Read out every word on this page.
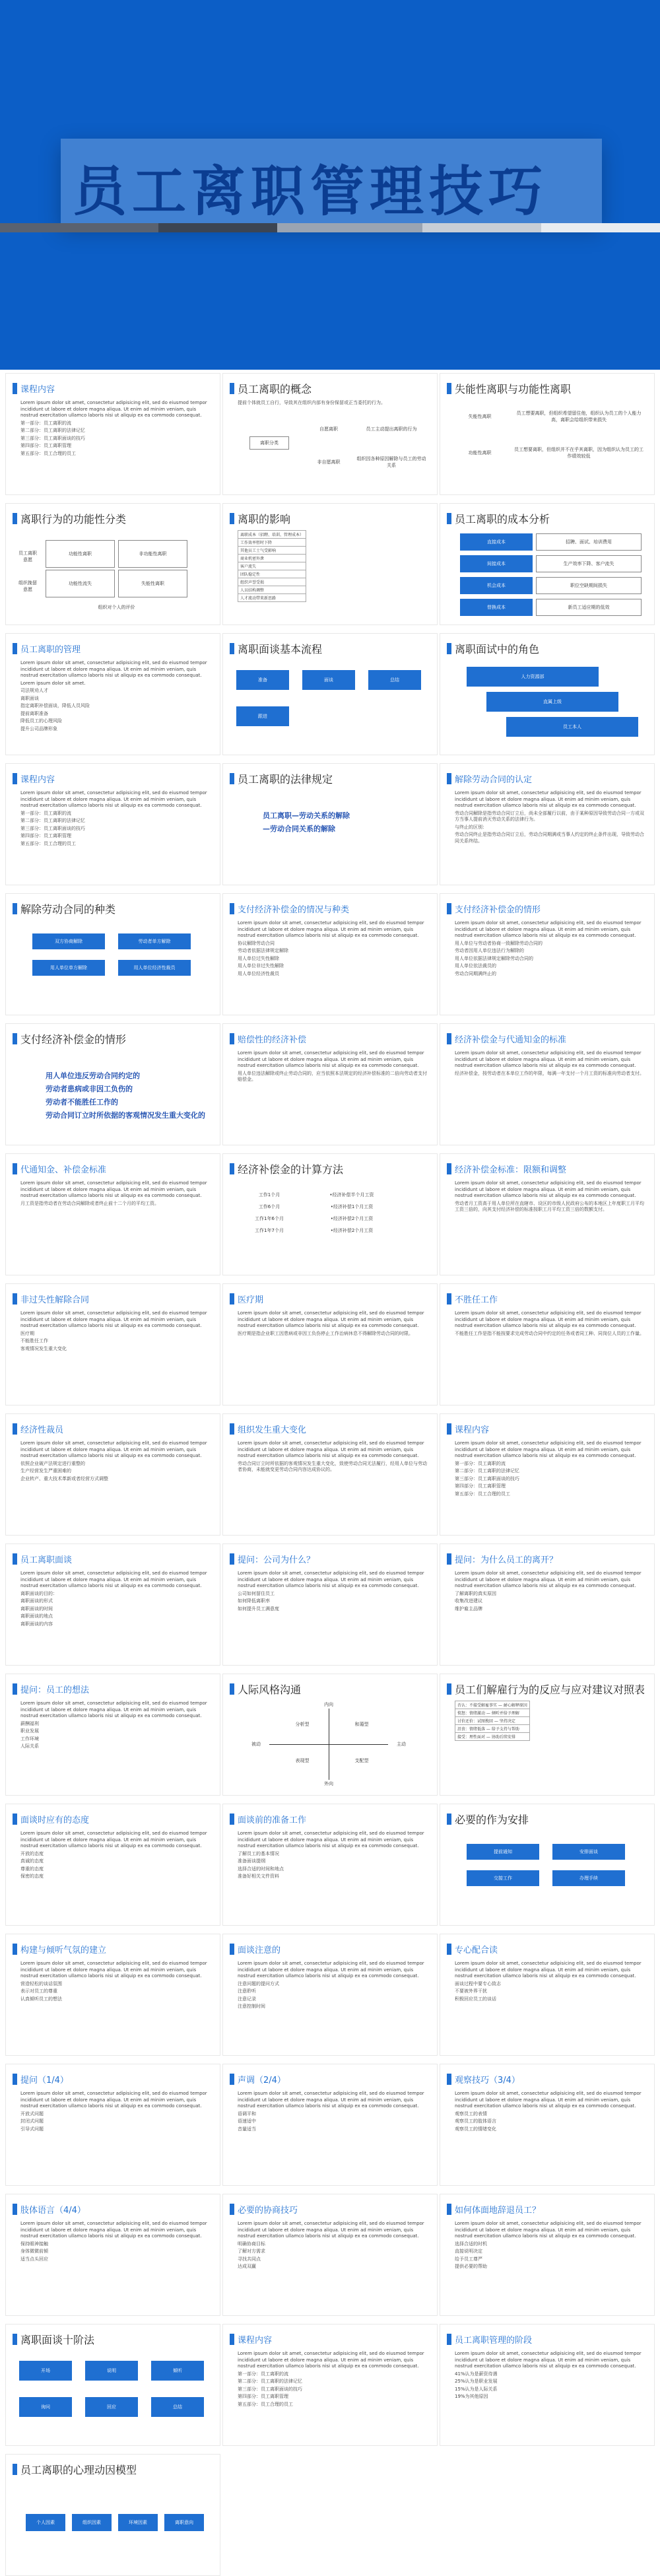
员工离职管理技巧
课程内容

Lorem ipsum dolor sit amet, consectetur adipisicing elit, sed do eiusmod tempor incididunt ut labore et dolore magna aliqua. Ut enim ad minim veniam, quis nostrud exercitation ullamco laboris nisi ut aliquip ex ea commodo consequat.

第一部分：员工离职的流

第二部分：员工离职的法律记忆

第三部分：员工离职面谈的技巧

第四部分：员工离职管理

第五部分：员工合理的员工

员工离职的概念
提前个体就员工自行，导致其在组织内部有身份保留或正当委托的行为。
离职分类
自愿离职	员工主动提出离职的行为
非自愿离职
组织因各种原因解除与员工的劳动关系
失能性离职与功能性离职
失能性离职
员工想要离职，但组织希望留住他，组织认为员工的个人能力高，离职会给组织带来损失
功能性离职
员工想要离职，但组织并不在乎其离职，因为组织认为员工的工作绩效较低
离职行为的功能性分类
员工离职意愿
组织挽留意愿
功能性离职	非功能性离职
功能性流失	失能性离职
组织对个人的评价
离职的影响
离职成本（招聘、培训、管理成本）
工作效率暂时下降
其他员工士气受影响
商业机密外泄
客户流失
团队稳定性
组织声誉受损
人员结构调整
人才流动带来新思路
员工离职的成本分析
直接成本	招聘、面试、培训费用
间接成本	生产效率下降、客户流失
机会成本	职位空缺期间损失
替换成本	新员工适应期的低效
员工离职的管理

Lorem ipsum dolor sit amet, consectetur adipisicing elit, sed do eiusmod tempor incididunt ut labore et dolore magna aliqua. Ut enim ad minim veniam, quis nostrud exercitation ullamco laboris nisi ut aliquip ex ea commodo consequat.

Lorem ipsum dolor sit amet.

司法规劝人才

离职面谈

指定离职补偿面谈，降低人员风险

提前离职准备

降低员工的心理风险

提升公司品牌形象

离职面谈基本流程
准备	面谈	总结
跟进
离职面试中的角色
人力资源部
直属上级
员工本人
课程内容

Lorem ipsum dolor sit amet, consectetur adipisicing elit, sed do eiusmod tempor incididunt ut labore et dolore magna aliqua. Ut enim ad minim veniam, quis nostrud exercitation ullamco laboris nisi ut aliquip ex ea commodo consequat.

第一部分：员工离职的流

第二部分：员工离职的法律记忆

第三部分：员工离职面谈的技巧

第四部分：员工离职管理

第五部分：员工合理的员工

员工离职的法律规定
员工离职—劳动关系的解除
—劳动合同关系的解除
解除劳动合同的认定

Lorem ipsum dolor sit amet, consectetur adipisicing elit, sed do eiusmod tempor incididunt ut labore et dolore magna aliqua. Ut enim ad minim veniam, quis nostrud exercitation ullamco laboris nisi ut aliquip ex ea commodo consequat.

劳动合同解除是指劳动合同订立后，尚未全部履行以前，由于某种原因导致劳动合同一方或双方当事人提前消灭劳动关系的法律行为。

与终止的区别：

劳动合同终止是指劳动合同订立后，劳动合同期满或当事人约定的终止条件出现，导致劳动合同关系终结。

解除劳动合同的种类
双方协商解除	劳动者单方解除
用人单位单方解除	用人单位经济性裁员
支付经济补偿金的情况与种类

Lorem ipsum dolor sit amet, consectetur adipisicing elit, sed do eiusmod tempor incididunt ut labore et dolore magna aliqua. Ut enim ad minim veniam, quis nostrud exercitation ullamco laboris nisi ut aliquip ex ea commodo consequat.

协议解除劳动合同

劳动者依据法律规定解除

用人单位过失性解除

用人单位非过失性解除

用人单位经济性裁员

支付经济补偿金的情形

Lorem ipsum dolor sit amet, consectetur adipisicing elit, sed do eiusmod tempor incididunt ut labore et dolore magna aliqua. Ut enim ad minim veniam, quis nostrud exercitation ullamco laboris nisi ut aliquip ex ea commodo consequat.

用人单位与劳动者协商一致解除劳动合同的

劳动者因用人单位违法行为解除的

用人单位依据法律规定解除劳动合同的

用人单位依法裁员的

劳动合同期满终止的

支付经济补偿金的情形
用人单位违反劳动合同约定的
劳动者患病或非因工负伤的
劳动者不能胜任工作的
劳动合同订立时所依据的客观情况发生重大变化的
赔偿性的经济补偿

Lorem ipsum dolor sit amet, consectetur adipisicing elit, sed do eiusmod tempor incididunt ut labore et dolore magna aliqua. Ut enim ad minim veniam, quis nostrud exercitation ullamco laboris nisi ut aliquip ex ea commodo consequat.

用人单位违法解除或终止劳动合同的，应当依照本法规定的经济补偿标准的二倍向劳动者支付赔偿金。

经济补偿金与代通知金的标准

Lorem ipsum dolor sit amet, consectetur adipisicing elit, sed do eiusmod tempor incididunt ut labore et dolore magna aliqua. Ut enim ad minim veniam, quis nostrud exercitation ullamco laboris nisi ut aliquip ex ea commodo consequat.

经济补偿金，按劳动者在本单位工作的年限，每满一年支付一个月工资的标准向劳动者支付。

代通知金、补偿金标准

Lorem ipsum dolor sit amet, consectetur adipisicing elit, sed do eiusmod tempor incididunt ut labore et dolore magna aliqua. Ut enim ad minim veniam, quis nostrud exercitation ullamco laboris nisi ut aliquip ex ea commodo consequat.

月工资是指劳动者在劳动合同解除或者终止前十二个月的平均工资。

经济补偿金的计算方法
工作1个月	•经济补偿半个月工资
工作6个月	•经济补偿1个月工资
工作1年6个月	•经济补偿2个月工资
工作1年7个月	•经济补偿2个月工资
经济补偿金标准：限额和调整

Lorem ipsum dolor sit amet, consectetur adipisicing elit, sed do eiusmod tempor incididunt ut labore et dolore magna aliqua. Ut enim ad minim veniam, quis nostrud exercitation ullamco laboris nisi ut aliquip ex ea commodo consequat.

劳动者月工资高于用人单位所在直辖市、设区的市级人民政府公布的本地区上年度职工月平均工资三倍的，向其支付经济补偿的标准按职工月平均工资三倍的数额支付。

非过失性解除合同

Lorem ipsum dolor sit amet, consectetur adipisicing elit, sed do eiusmod tempor incididunt ut labore et dolore magna aliqua. Ut enim ad minim veniam, quis nostrud exercitation ullamco laboris nisi ut aliquip ex ea commodo consequat.

医疗期

不能胜任工作

客观情况发生重大变化

医疗期

Lorem ipsum dolor sit amet, consectetur adipisicing elit, sed do eiusmod tempor incididunt ut labore et dolore magna aliqua. Ut enim ad minim veniam, quis nostrud exercitation ullamco laboris nisi ut aliquip ex ea commodo consequat.

医疗期是指企业职工因患病或非因工负伤停止工作治病休息不得解除劳动合同的时限。

不胜任工作

Lorem ipsum dolor sit amet, consectetur adipisicing elit, sed do eiusmod tempor incididunt ut labore et dolore magna aliqua. Ut enim ad minim veniam, quis nostrud exercitation ullamco laboris nisi ut aliquip ex ea commodo consequat.

不能胜任工作是指不能按要求完成劳动合同中约定的任务或者同工种、同岗位人员的工作量。

经济性裁员

Lorem ipsum dolor sit amet, consectetur adipisicing elit, sed do eiusmod tempor incididunt ut labore et dolore magna aliqua. Ut enim ad minim veniam, quis nostrud exercitation ullamco laboris nisi ut aliquip ex ea commodo consequat.

依照企业破产法规定进行重整的

生产经营发生严重困难的

企业转产、重大技术革新或者经营方式调整

组织发生重大变化

Lorem ipsum dolor sit amet, consectetur adipisicing elit, sed do eiusmod tempor incididunt ut labore et dolore magna aliqua. Ut enim ad minim veniam, quis nostrud exercitation ullamco laboris nisi ut aliquip ex ea commodo consequat.

劳动合同订立时所依据的客观情况发生重大变化，致使劳动合同无法履行，经用人单位与劳动者协商，未能就变更劳动合同内容达成协议的。

课程内容

Lorem ipsum dolor sit amet, consectetur adipisicing elit, sed do eiusmod tempor incididunt ut labore et dolore magna aliqua. Ut enim ad minim veniam, quis nostrud exercitation ullamco laboris nisi ut aliquip ex ea commodo consequat.

第一部分：员工离职的流

第二部分：员工离职的法律记忆

第三部分：员工离职面谈的技巧

第四部分：员工离职管理

第五部分：员工合理的员工

员工离职面谈

Lorem ipsum dolor sit amet, consectetur adipisicing elit, sed do eiusmod tempor incididunt ut labore et dolore magna aliqua. Ut enim ad minim veniam, quis nostrud exercitation ullamco laboris nisi ut aliquip ex ea commodo consequat.

离职面谈的目的：

离职面谈的形式

离职面谈的时间

离职面谈的地点

离职面谈的内容

提问：公司为什么？

Lorem ipsum dolor sit amet, consectetur adipisicing elit, sed do eiusmod tempor incididunt ut labore et dolore magna aliqua. Ut enim ad minim veniam, quis nostrud exercitation ullamco laboris nisi ut aliquip ex ea commodo consequat.

公司如何留住员工

如何降低离职率

如何提升员工满意度

提问：为什么员工的离开？

Lorem ipsum dolor sit amet, consectetur adipisicing elit, sed do eiusmod tempor incididunt ut labore et dolore magna aliqua. Ut enim ad minim veniam, quis nostrud exercitation ullamco laboris nisi ut aliquip ex ea commodo consequat.

了解离职的真实原因

收集改进建议

维护雇主品牌

提问：员工的想法

Lorem ipsum dolor sit amet, consectetur adipisicing elit, sed do eiusmod tempor incididunt ut labore et dolore magna aliqua. Ut enim ad minim veniam, quis nostrud exercitation ullamco laboris nisi ut aliquip ex ea commodo consequat.

薪酬福利

职业发展

工作环境

人际关系

人际风格沟通
内向
外向
被动	主动
分析型	和蔼型
表现型	支配型
员工们解雇行为的反应与应对建议对照表
否认：不接受解雇事实 — 耐心解释原因
愤怒：情绪激动 — 倾听并给予理解
讨价还价：试图挽回 — 坚持决定
沮丧：情绪低落 — 给予支持与帮助
接受：理性面对 — 协助后续安排
面谈时应有的态度

Lorem ipsum dolor sit amet, consectetur adipisicing elit, sed do eiusmod tempor incididunt ut labore et dolore magna aliqua. Ut enim ad minim veniam, quis nostrud exercitation ullamco laboris nisi ut aliquip ex ea commodo consequat.

开放的态度

真诚的态度

尊重的态度

保密的态度

面谈前的准备工作

Lorem ipsum dolor sit amet, consectetur adipisicing elit, sed do eiusmod tempor incididunt ut labore et dolore magna aliqua. Ut enim ad minim veniam, quis nostrud exercitation ullamco laboris nisi ut aliquip ex ea commodo consequat.

了解员工的基本情况

准备面谈提纲

选择合适的时间和地点

准备好相关文件资料

必要的作为安排
提前通知	安排面谈
交接工作	办理手续
构建与倾听气氛的建立

Lorem ipsum dolor sit amet, consectetur adipisicing elit, sed do eiusmod tempor incididunt ut labore et dolore magna aliqua. Ut enim ad minim veniam, quis nostrud exercitation ullamco laboris nisi ut aliquip ex ea commodo consequat.

营造轻松的谈话氛围

表示对员工的尊重

认真倾听员工的想法

面谈注意的

Lorem ipsum dolor sit amet, consectetur adipisicing elit, sed do eiusmod tempor incididunt ut labore et dolore magna aliqua. Ut enim ad minim veniam, quis nostrud exercitation ullamco laboris nisi ut aliquip ex ea commodo consequat.

注意问题的提问方式

注意聆听

注意记录

注意控制时间

专心配合读

Lorem ipsum dolor sit amet, consectetur adipisicing elit, sed do eiusmod tempor incididunt ut labore et dolore magna aliqua. Ut enim ad minim veniam, quis nostrud exercitation ullamco laboris nisi ut aliquip ex ea commodo consequat.

面谈过程中要专心致志

不要被外界干扰

积极回应员工的谈话

提问（1/4）

Lorem ipsum dolor sit amet, consectetur adipisicing elit, sed do eiusmod tempor incididunt ut labore et dolore magna aliqua. Ut enim ad minim veniam, quis nostrud exercitation ullamco laboris nisi ut aliquip ex ea commodo consequat.

开放式问题

封闭式问题

引导式问题

声调（2/4）

Lorem ipsum dolor sit amet, consectetur adipisicing elit, sed do eiusmod tempor incididunt ut labore et dolore magna aliqua. Ut enim ad minim veniam, quis nostrud exercitation ullamco laboris nisi ut aliquip ex ea commodo consequat.

语调平和

语速适中

音量适当

观察技巧（3/4）

Lorem ipsum dolor sit amet, consectetur adipisicing elit, sed do eiusmod tempor incididunt ut labore et dolore magna aliqua. Ut enim ad minim veniam, quis nostrud exercitation ullamco laboris nisi ut aliquip ex ea commodo consequat.

观察员工的表情

观察员工的肢体语言

观察员工的情绪变化

肢体语言（4/4）

Lorem ipsum dolor sit amet, consectetur adipisicing elit, sed do eiusmod tempor incididunt ut labore et dolore magna aliqua. Ut enim ad minim veniam, quis nostrud exercitation ullamco laboris nisi ut aliquip ex ea commodo consequat.

保持眼神接触

身体微微前倾

适当点头回应

必要的协商技巧

Lorem ipsum dolor sit amet, consectetur adipisicing elit, sed do eiusmod tempor incididunt ut labore et dolore magna aliqua. Ut enim ad minim veniam, quis nostrud exercitation ullamco laboris nisi ut aliquip ex ea commodo consequat.

明确协商目标

了解对方需求

寻找共同点

达成双赢

如何体面地辞退员工？

Lorem ipsum dolor sit amet, consectetur adipisicing elit, sed do eiusmod tempor incididunt ut labore et dolore magna aliqua. Ut enim ad minim veniam, quis nostrud exercitation ullamco laboris nisi ut aliquip ex ea commodo consequat.

选择合适的时机

直接说明决定

给予员工尊严

提供必要的帮助

离职面谈十阶法
开场	说明	倾听
询问	回应	总结
课程内容

Lorem ipsum dolor sit amet, consectetur adipisicing elit, sed do eiusmod tempor incididunt ut labore et dolore magna aliqua. Ut enim ad minim veniam, quis nostrud exercitation ullamco laboris nisi ut aliquip ex ea commodo consequat.

第一部分：员工离职的流

第二部分：员工离职的法律记忆

第三部分：员工离职面谈的技巧

第四部分：员工离职管理

第五部分：员工合理的员工

员工离职管理的阶段

Lorem ipsum dolor sit amet, consectetur adipisicing elit, sed do eiusmod tempor incididunt ut labore et dolore magna aliqua. Ut enim ad minim veniam, quis nostrud exercitation ullamco laboris nisi ut aliquip ex ea commodo consequat.

41%认为是薪资待遇

25%认为是职业发展

15%认为是人际关系

19%为其他原因

员工离职的心理动因模型
个人因素	组织因素	环境因素	离职意向
